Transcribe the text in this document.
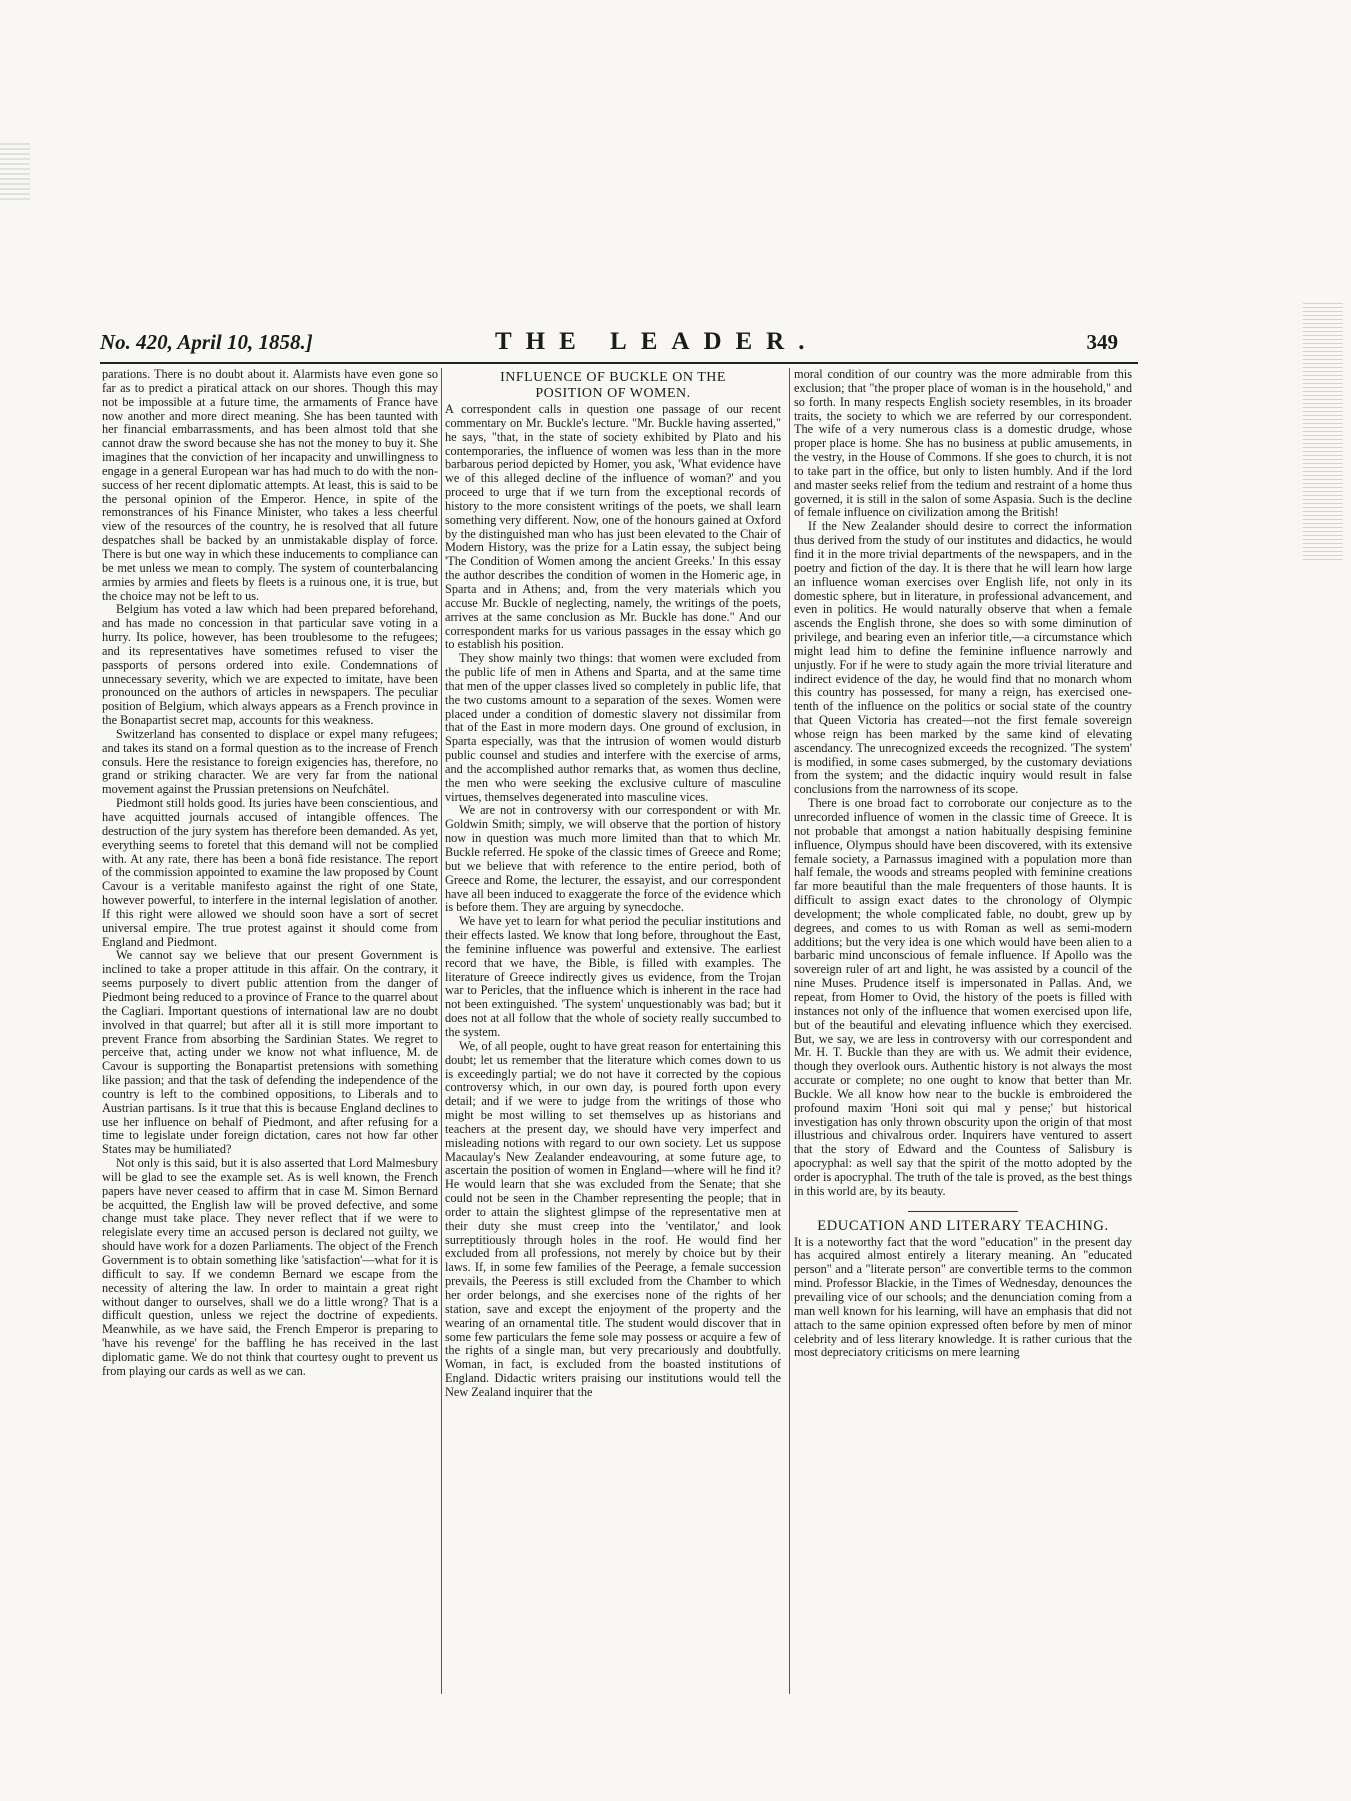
No. 420, April 10, 1858.]	THE LEADER.	349

parations. There is no doubt about it. Alarmists have even gone so far as to predict a piratical attack on our shores. Though this may not be impossible at a future time, the armaments of France have now another and more direct meaning. She has been taunted with her financial embarrassments, and has been almost told that she cannot draw the sword because she has not the money to buy it. She imagines that the conviction of her incapacity and unwillingness to engage in a general European war has had much to do with the non-success of her recent diplomatic attempts. At least, this is said to be the personal opinion of the Emperor. Hence, in spite of the remonstrances of his Finance Minister, who takes a less cheerful view of the resources of the country, he is resolved that all future despatches shall be backed by an unmistakable display of force. There is but one way in which these inducements to compliance can be met unless we mean to comply. The system of counterbalancing armies by armies and fleets by fleets is a ruinous one, it is true, but the choice may not be left to us.

Belgium has voted a law which had been prepared beforehand, and has made no concession in that particular save voting in a hurry. Its police, however, has been troublesome to the refugees; and its representatives have sometimes refused to viser the passports of persons ordered into exile. Condemnations of unnecessary severity, which we are expected to imitate, have been pronounced on the authors of articles in newspapers. The peculiar position of Belgium, which always appears as a French province in the Bonapartist secret map, accounts for this weakness.

Switzerland has consented to displace or expel many refugees; and takes its stand on a formal question as to the increase of French consuls. Here the resistance to foreign exigencies has, therefore, no grand or striking character. We are very far from the national movement against the Prussian pretensions on Neufchâtel.

Piedmont still holds good. Its juries have been conscientious, and have acquitted journals accused of intangible offences. The destruction of the jury system has therefore been demanded. As yet, everything seems to foretel that this demand will not be complied with. At any rate, there has been a bonâ fide resistance. The report of the commission appointed to examine the law proposed by Count Cavour is a veritable manifesto against the right of one State, however powerful, to interfere in the internal legislation of another. If this right were allowed we should soon have a sort of secret universal empire. The true protest against it should come from England and Piedmont.

We cannot say we believe that our present Government is inclined to take a proper attitude in this affair. On the contrary, it seems purposely to divert public attention from the danger of Piedmont being reduced to a province of France to the quarrel about the Cagliari. Important questions of international law are no doubt involved in that quarrel; but after all it is still more important to prevent France from absorbing the Sardinian States. We regret to perceive that, acting under we know not what influence, M. de Cavour is supporting the Bonapartist pretensions with something like passion; and that the task of defending the independence of the country is left to the combined oppositions, to Liberals and to Austrian partisans. Is it true that this is because England declines to use her influence on behalf of Piedmont, and after refusing for a time to legislate under foreign dictation, cares not how far other States may be humiliated?

Not only is this said, but it is also asserted that Lord Malmesbury will be glad to see the example set. As is well known, the French papers have never ceased to affirm that in case M. Simon Bernard be acquitted, the English law will be proved defective, and some change must take place. They never reflect that if we were to relegislate every time an accused person is declared not guilty, we should have work for a dozen Parliaments. The object of the French Government is to obtain something like 'satisfaction'—what for it is difficult to say. If we condemn Bernard we escape from the necessity of altering the law. In order to maintain a great right without danger to ourselves, shall we do a little wrong? That is a difficult question, unless we reject the doctrine of expedients. Meanwhile, as we have said, the French Emperor is preparing to 'have his revenge' for the baffling he has received in the last diplomatic game. We do not think that courtesy ought to prevent us from playing our cards as well as we can.

INFLUENCE OF BUCKLE ON THE
POSITION OF WOMEN.

A correspondent calls in question one passage of our recent commentary on Mr. Buckle's lecture. "Mr. Buckle having asserted," he says, "that, in the state of society exhibited by Plato and his contemporaries, the influence of women was less than in the more barbarous period depicted by Homer, you ask, 'What evidence have we of this alleged decline of the influence of woman?' and you proceed to urge that if we turn from the exceptional records of history to the more consistent writings of the poets, we shall learn something very different. Now, one of the honours gained at Oxford by the distinguished man who has just been elevated to the Chair of Modern History, was the prize for a Latin essay, the subject being 'The Condition of Women among the ancient Greeks.' In this essay the author describes the condition of women in the Homeric age, in Sparta and in Athens; and, from the very materials which you accuse Mr. Buckle of neglecting, namely, the writings of the poets, arrives at the same conclusion as Mr. Buckle has done." And our correspondent marks for us various passages in the essay which go to establish his position.

They show mainly two things: that women were excluded from the public life of men in Athens and Sparta, and at the same time that men of the upper classes lived so completely in public life, that the two customs amount to a separation of the sexes. Women were placed under a condition of domestic slavery not dissimilar from that of the East in more modern days. One ground of exclusion, in Sparta especially, was that the intrusion of women would disturb public counsel and studies and interfere with the exercise of arms, and the accomplished author remarks that, as women thus decline, the men who were seeking the exclusive culture of masculine virtues, themselves degenerated into masculine vices.

We are not in controversy with our correspondent or with Mr. Goldwin Smith; simply, we will observe that the portion of history now in question was much more limited than that to which Mr. Buckle referred. He spoke of the classic times of Greece and Rome; but we believe that with reference to the entire period, both of Greece and Rome, the lecturer, the essayist, and our correspondent have all been induced to exaggerate the force of the evidence which is before them. They are arguing by synecdoche.

We have yet to learn for what period the peculiar institutions and their effects lasted. We know that long before, throughout the East, the feminine influence was powerful and extensive. The earliest record that we have, the Bible, is filled with examples. The literature of Greece indirectly gives us evidence, from the Trojan war to Pericles, that the influence which is inherent in the race had not been extinguished. 'The system' unquestionably was bad; but it does not at all follow that the whole of society really succumbed to the system.

We, of all people, ought to have great reason for entertaining this doubt; let us remember that the literature which comes down to us is exceedingly partial; we do not have it corrected by the copious controversy which, in our own day, is poured forth upon every detail; and if we were to judge from the writings of those who might be most willing to set themselves up as historians and teachers at the present day, we should have very imperfect and misleading notions with regard to our own society. Let us suppose Macaulay's New Zealander endeavouring, at some future age, to ascertain the position of women in England—where will he find it? He would learn that she was excluded from the Senate; that she could not be seen in the Chamber representing the people; that in order to attain the slightest glimpse of the representative men at their duty she must creep into the 'ventilator,' and look surreptitiously through holes in the roof. He would find her excluded from all professions, not merely by choice but by their laws. If, in some few families of the Peerage, a female succession prevails, the Peeress is still excluded from the Chamber to which her order belongs, and she exercises none of the rights of her station, save and except the enjoyment of the property and the wearing of an ornamental title. The student would discover that in some few particulars the feme sole may possess or acquire a few of the rights of a single man, but very precariously and doubtfully. Woman, in fact, is excluded from the boasted institutions of England. Didactic writers praising our institutions would tell the New Zealand inquirer that the

moral condition of our country was the more admirable from this exclusion; that "the proper place of woman is in the household," and so forth. In many respects English society resembles, in its broader traits, the society to which we are referred by our correspondent. The wife of a very numerous class is a domestic drudge, whose proper place is home. She has no business at public amusements, in the vestry, in the House of Commons. If she goes to church, it is not to take part in the office, but only to listen humbly. And if the lord and master seeks relief from the tedium and restraint of a home thus governed, it is still in the salon of some Aspasia. Such is the decline of female influence on civilization among the British!

If the New Zealander should desire to correct the information thus derived from the study of our institutes and didactics, he would find it in the more trivial departments of the newspapers, and in the poetry and fiction of the day. It is there that he will learn how large an influence woman exercises over English life, not only in its domestic sphere, but in literature, in professional advancement, and even in politics. He would naturally observe that when a female ascends the English throne, she does so with some diminution of privilege, and bearing even an inferior title,—a circumstance which might lead him to define the feminine influence narrowly and unjustly. For if he were to study again the more trivial literature and indirect evidence of the day, he would find that no monarch whom this country has possessed, for many a reign, has exercised one-tenth of the influence on the politics or social state of the country that Queen Victoria has created—not the first female sovereign whose reign has been marked by the same kind of elevating ascendancy. The unrecognized exceeds the recognized. 'The system' is modified, in some cases submerged, by the customary deviations from the system; and the didactic inquiry would result in false conclusions from the narrowness of its scope.

There is one broad fact to corroborate our conjecture as to the unrecorded influence of women in the classic time of Greece. It is not probable that amongst a nation habitually despising feminine influence, Olympus should have been discovered, with its extensive female society, a Parnassus imagined with a population more than half female, the woods and streams peopled with feminine creations far more beautiful than the male frequenters of those haunts. It is difficult to assign exact dates to the chronology of Olympic development; the whole complicated fable, no doubt, grew up by degrees, and comes to us with Roman as well as semi-modern additions; but the very idea is one which would have been alien to a barbaric mind unconscious of female influence. If Apollo was the sovereign ruler of art and light, he was assisted by a council of the nine Muses. Prudence itself is impersonated in Pallas. And, we repeat, from Homer to Ovid, the history of the poets is filled with instances not only of the influence that women exercised upon life, but of the beautiful and elevating influence which they exercised. But, we say, we are less in controversy with our correspondent and Mr. H. T. Buckle than they are with us. We admit their evidence, though they overlook ours. Authentic history is not always the most accurate or complete; no one ought to know that better than Mr. Buckle. We all know how near to the buckle is embroidered the profound maxim 'Honi soit qui mal y pense;' but historical investigation has only thrown obscurity upon the origin of that most illustrious and chivalrous order. Inquirers have ventured to assert that the story of Edward and the Countess of Salisbury is apocryphal: as well say that the spirit of the motto adopted by the order is apocryphal. The truth of the tale is proved, as the best things in this world are, by its beauty.

EDUCATION AND LITERARY TEACHING.

It is a noteworthy fact that the word "education" in the present day has acquired almost entirely a literary meaning. An "educated person" and a "literate person" are convertible terms to the common mind. Professor Blackie, in the Times of Wednesday, denounces the prevailing vice of our schools; and the denunciation coming from a man well known for his learning, will have an emphasis that did not attach to the same opinion expressed often before by men of minor celebrity and of less literary knowledge. It is rather curious that the most depreciatory criticisms on mere learning
